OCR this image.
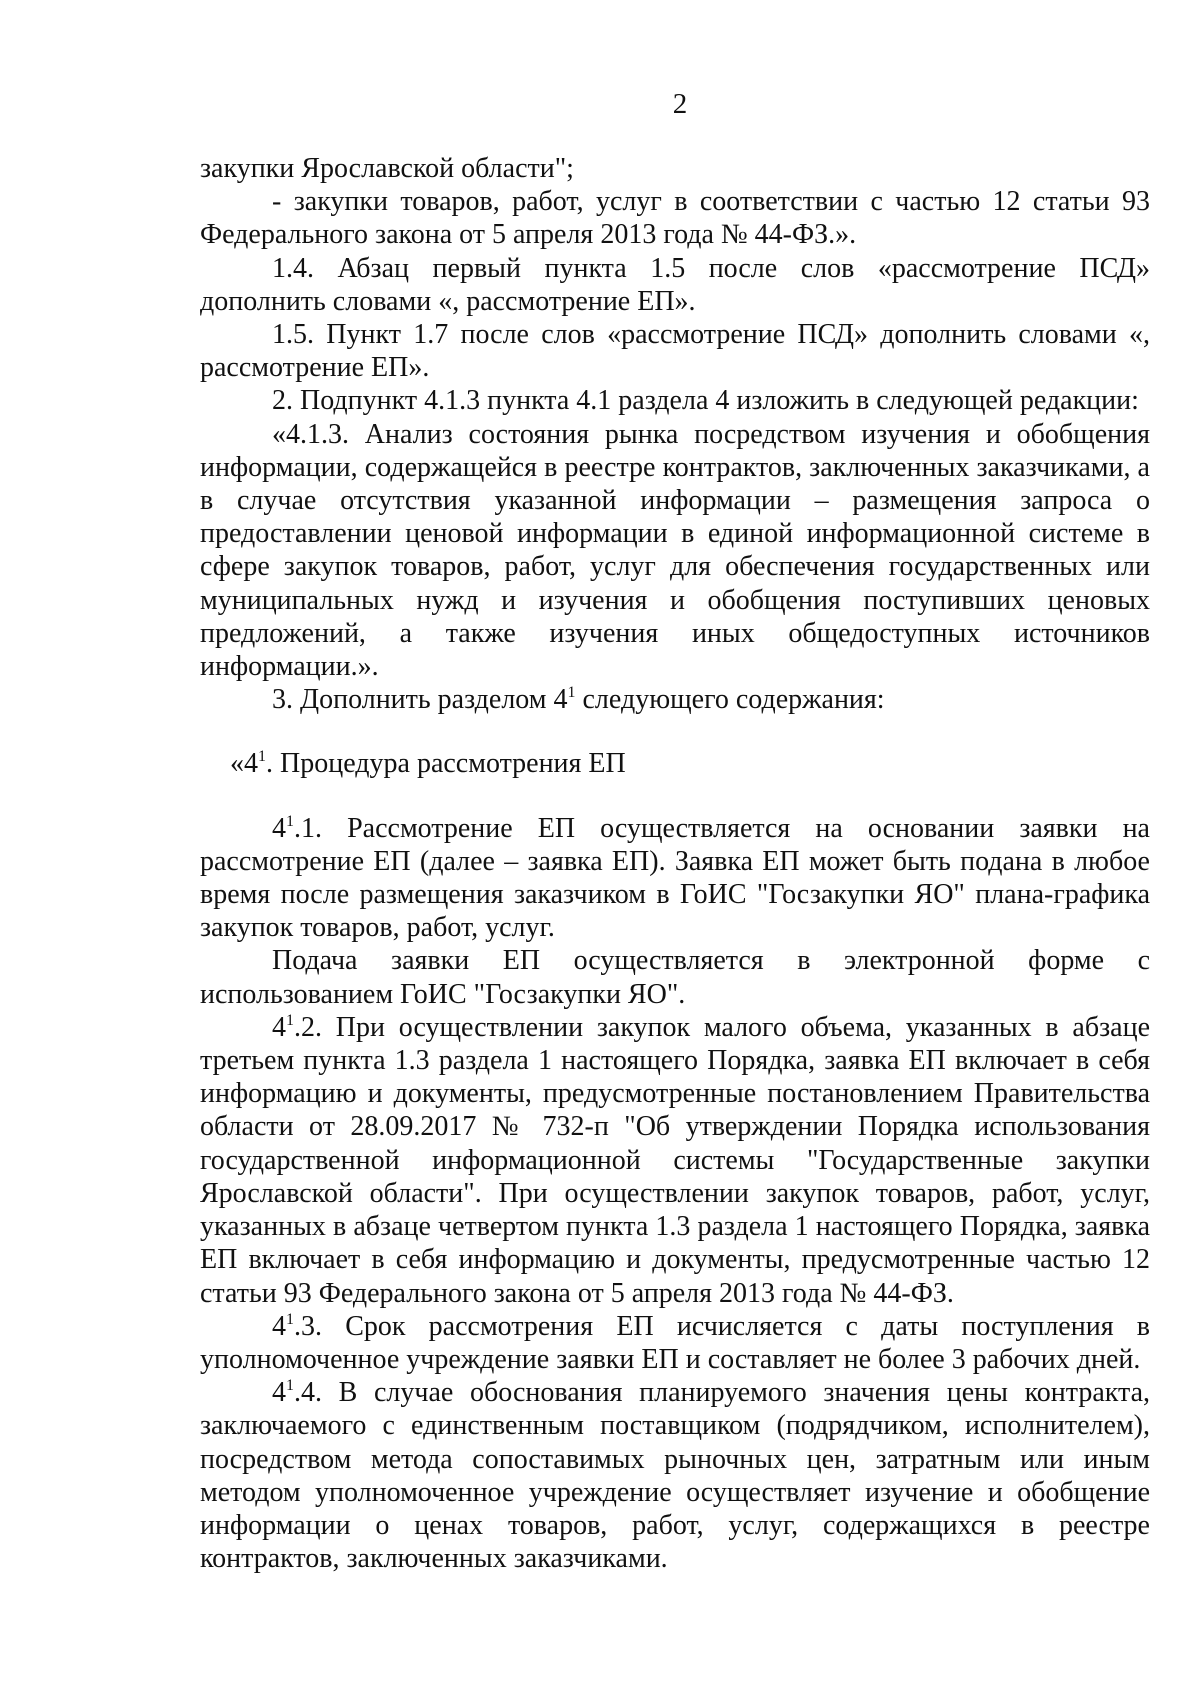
2

закупки Ярославской области";

- закупки товаров, работ, услуг в соответствии с частью 12 статьи 93 Федерального закона от 5 апреля 2013 года № 44-ФЗ.».

1.4. Абзац первый пункта 1.5 после слов «рассмотрение ПСД» дополнить словами «, рассмотрение ЕП».

1.5. Пункт 1.7 после слов «рассмотрение ПСД» дополнить словами «, рассмотрение ЕП».

2. Подпункт 4.1.3 пункта 4.1 раздела 4 изложить в следующей редакции:

«4.1.3. Анализ состояния рынка посредством изучения и обобщения информации, содержащейся в реестре контрактов, заключенных заказчиками, а в случае отсутствия указанной информации – размещения запроса о предоставлении ценовой информации в единой информационной системе в сфере закупок товаров, работ, услуг для обеспечения государственных или муниципальных нужд и изучения и обобщения поступивших ценовых предложений, а также изучения иных общедоступных источников информации.».

3. Дополнить разделом $4^1$ следующего содержания:

«$4^1$. Процедура рассмотрения ЕП

$4^1.1$. Рассмотрение ЕП осуществляется на основании заявки на рассмотрение ЕП (далее – заявка ЕП). Заявка ЕП может быть подана в любое время после размещения заказчиком в ГоИС "Госзакупки ЯО" плана-графика закупок товаров, работ, услуг.

Подача заявки ЕП осуществляется в электронной форме с использованием ГоИС "Госзакупки ЯО".

$4^1.2$. При осуществлении закупок малого объема, указанных в абзаце третьем пункта 1.3 раздела 1 настоящего Порядка, заявка ЕП включает в себя информацию и документы, предусмотренные постановлением Правительства области от 28.09.2017 № 732-п "Об утверждении Порядка использования государственной информационной системы "Государственные закупки Ярославской области". При осуществлении закупок товаров, работ, услуг, указанных в абзаце четвертом пункта 1.3 раздела 1 настоящего Порядка, заявка ЕП включает в себя информацию и документы, предусмотренные частью 12 статьи 93 Федерального закона от 5 апреля 2013 года № 44-ФЗ.

$4^1.3$. Срок рассмотрения ЕП исчисляется с даты поступления в уполномоченное учреждение заявки ЕП и составляет не более 3 рабочих дней.

$4^1.4$. В случае обоснования планируемого значения цены контракта, заключаемого с единственным поставщиком (подрядчиком, исполнителем), посредством метода сопоставимых рыночных цен, затратным или иным методом уполномоченное учреждение осуществляет изучение и обобщение информации о ценах товаров, работ, услуг, содержащихся в реестре контрактов, заключенных заказчиками.
